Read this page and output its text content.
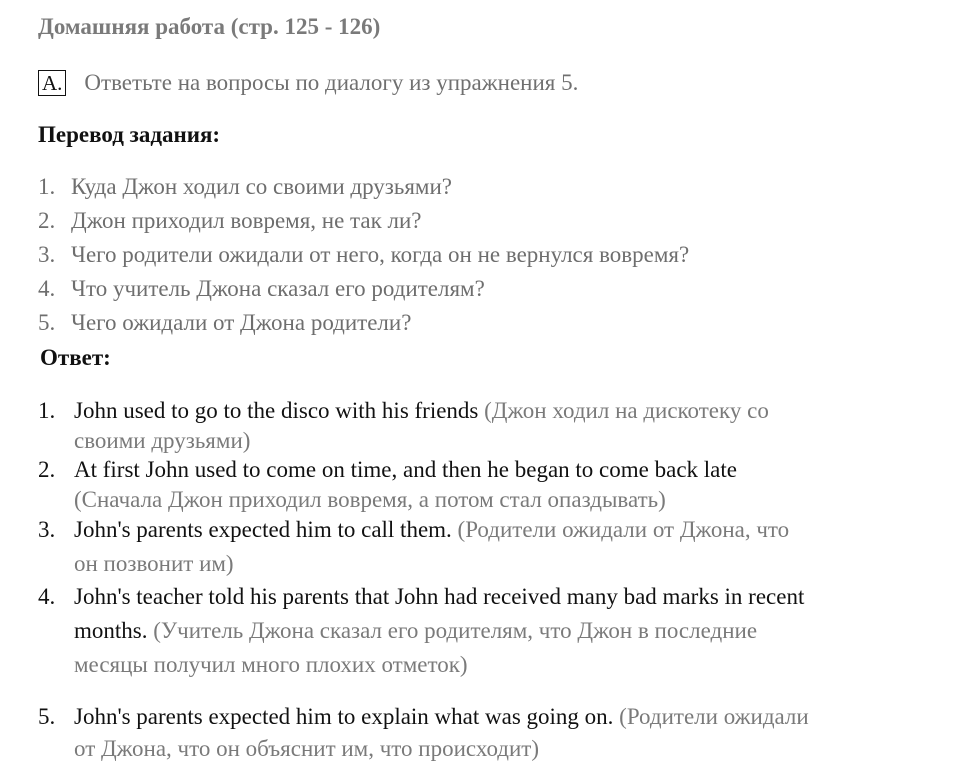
Домашняя работа (стр. 125 - 126)
A. Ответьте на вопросы по диалогу из упражнения 5.
Перевод задания:
1. Куда Джон ходил со своими друзьями?
2. Джон приходил вовремя, не так ли?
3. Чего родители ожидали от него, когда он не вернулся вовремя?
4. Что учитель Джона сказал его родителям?
5. Чего ожидали от Джона родители?
Ответ:
1. John used to go to the disco with his friends (Джон ходил на дискотеку со
своими друзьями)
2. At first John used to come on time, and then he began to come back late
(Сначала Джон приходил вовремя, а потом стал опаздывать)
3. John's parents expected him to call them. (Родители ожидали от Джона, что
он позвонит им)
4. John's teacher told his parents that John had received many bad marks in recent
months. (Учитель Джона сказал его родителям, что Джон в последние
месяцы получил много плохих отметок)
5. John's parents expected him to explain what was going on. (Родители ожидали
от Джона, что он объяснит им, что происходит)
